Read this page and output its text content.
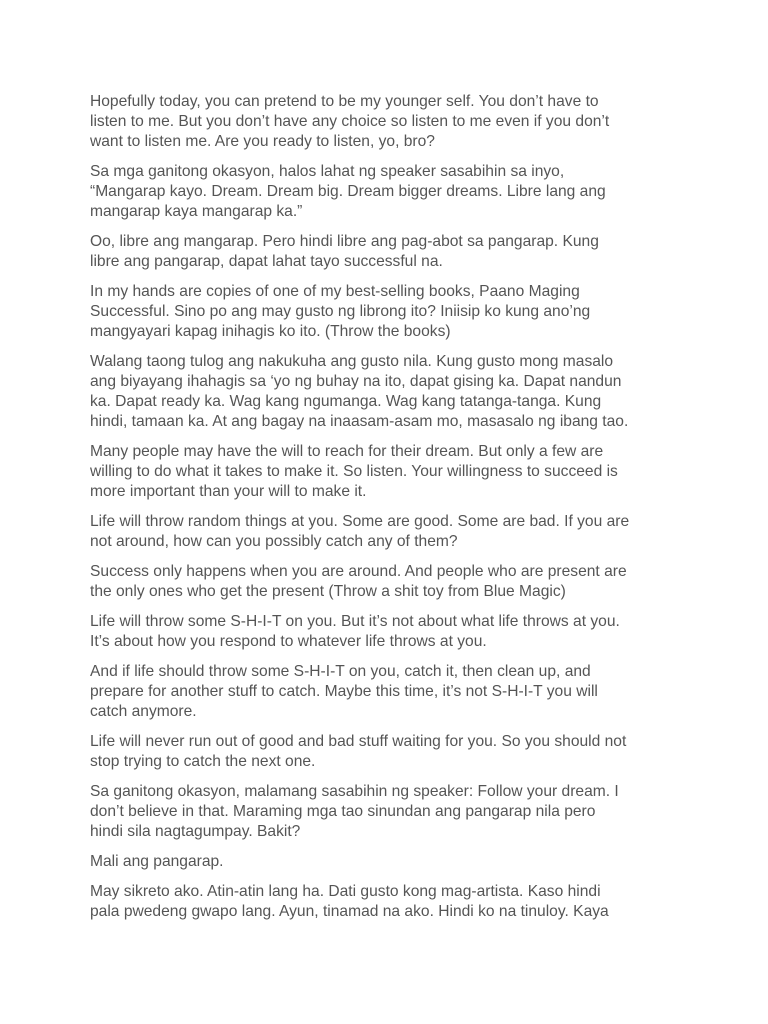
Hopefully today, you can pretend to be my younger self. You don’t have to
listen to me. But you don’t have any choice so listen to me even if you don’t
want to listen me. Are you ready to listen, yo, bro?

Sa mga ganitong okasyon, halos lahat ng speaker sasabihin sa inyo,
“Mangarap kayo. Dream. Dream big. Dream bigger dreams. Libre lang ang
mangarap kaya mangarap ka.”

Oo, libre ang mangarap. Pero hindi libre ang pag-abot sa pangarap. Kung
libre ang pangarap, dapat lahat tayo successful na.

In my hands are copies of one of my best-selling books, Paano Maging
Successful. Sino po ang may gusto ng librong ito? Iniisip ko kung ano’ng
mangyayari kapag inihagis ko ito. (Throw the books)

Walang taong tulog ang nakukuha ang gusto nila. Kung gusto mong masalo
ang biyayang ihahagis sa ‘yo ng buhay na ito, dapat gising ka. Dapat nandun
ka. Dapat ready ka. Wag kang ngumanga. Wag kang tatanga-tanga. Kung
hindi, tamaan ka. At ang bagay na inaasam-asam mo, masasalo ng ibang tao.

Many people may have the will to reach for their dream. But only a few are
willing to do what it takes to make it. So listen. Your willingness to succeed is
more important than your will to make it.

Life will throw random things at you. Some are good. Some are bad. If you are
not around, how can you possibly catch any of them?

Success only happens when you are around. And people who are present are
the only ones who get the present (Throw a shit toy from Blue Magic)

Life will throw some S-H-I-T on you. But it’s not about what life throws at you.
It’s about how you respond to whatever life throws at you.

And if life should throw some S-H-I-T on you, catch it, then clean up, and
prepare for another stuff to catch. Maybe this time, it’s not S-H-I-T you will
catch anymore.

Life will never run out of good and bad stuff waiting for you. So you should not
stop trying to catch the next one.

Sa ganitong okasyon, malamang sasabihin ng speaker: Follow your dream. I
don’t believe in that. Maraming mga tao sinundan ang pangarap nila pero
hindi sila nagtagumpay. Bakit?

Mali ang pangarap.

May sikreto ako. Atin-atin lang ha. Dati gusto kong mag-artista. Kaso hindi
pala pwedeng gwapo lang. Ayun, tinamad na ako. Hindi ko na tinuloy. Kaya
